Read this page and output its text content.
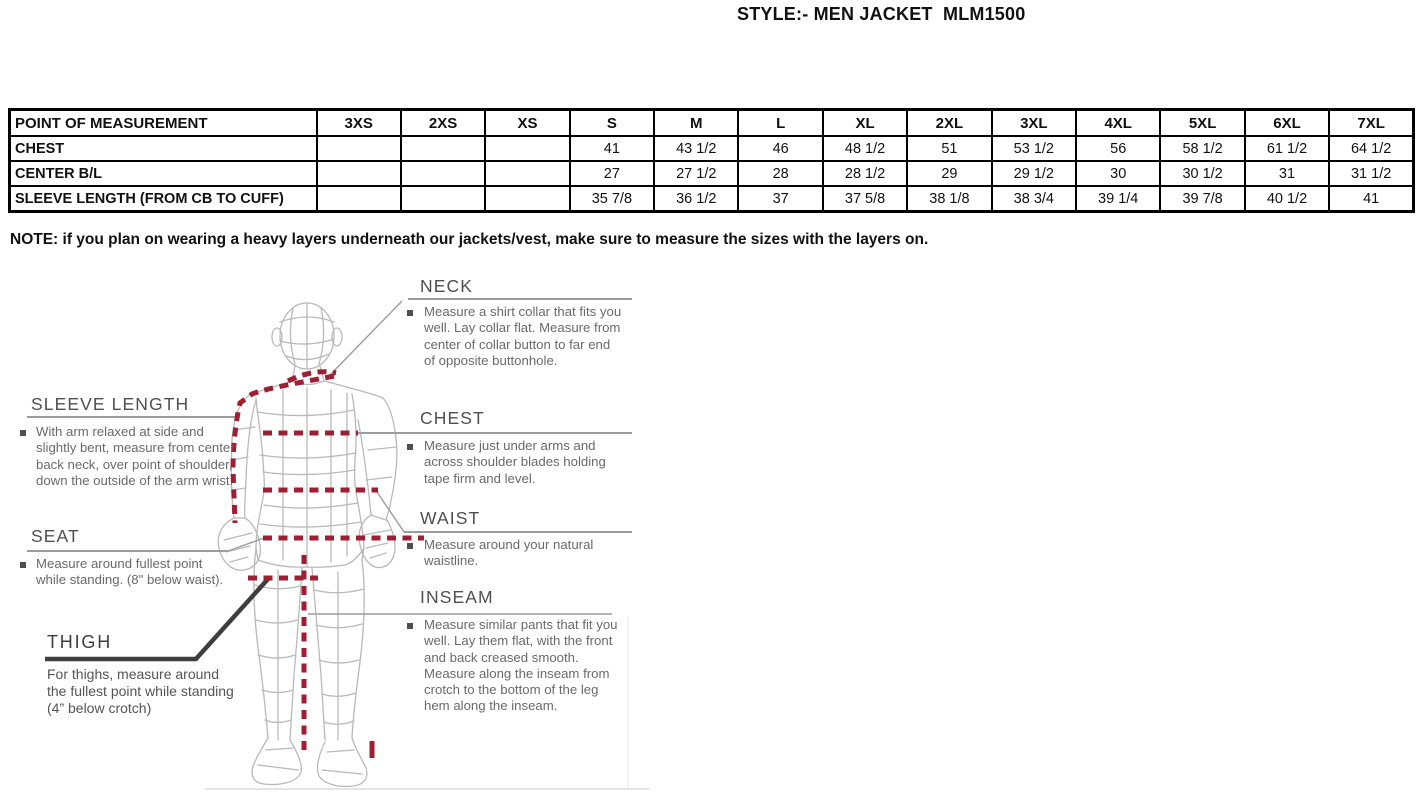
STYLE:- MEN JACKET  MLM1500
POINT OF MEASUREMENT	3XS	2XS	XS	S	M	L	XL	2XL	3XL	4XL	5XL	6XL	7XL
CHEST				41	43 1/2	46	48 1/2	51	53 1/2	56	58 1/2	61 1/2	64 1/2
CENTER B/L				27	27 1/2	28	28 1/2	29	29 1/2	30	30 1/2	31	31 1/2
SLEEVE LENGTH (FROM CB TO CUFF)				35 7/8	36 1/2	37	37 5/8	38 1/8	38 3/4	39 1/4	39 7/8	40 1/2	41
NOTE: if you plan on wearing a heavy layers underneath our jackets/vest, make sure to measure the sizes with the layers on.
NECK
Measure a shirt collar that fits you well. Lay collar flat. Measure from center of collar button to far end of opposite buttonhole.
CHEST
Measure just under arms and across shoulder blades holding tape firm and level.
WAIST
Measure around your natural waistline.
INSEAM
Measure similar pants that fit you well. Lay them flat, with the front and back creased smooth. Measure along the inseam from crotch to the bottom of the leg hem along the inseam.
SLEEVE LENGTH
With arm relaxed at side and slightly bent, measure from center back neck, over point of shoulder, down the outside of the arm wrist.
SEAT
Measure around fullest point while standing. (8" below waist).
THIGH
For thighs, measure around the fullest point while standing (4” below crotch)
